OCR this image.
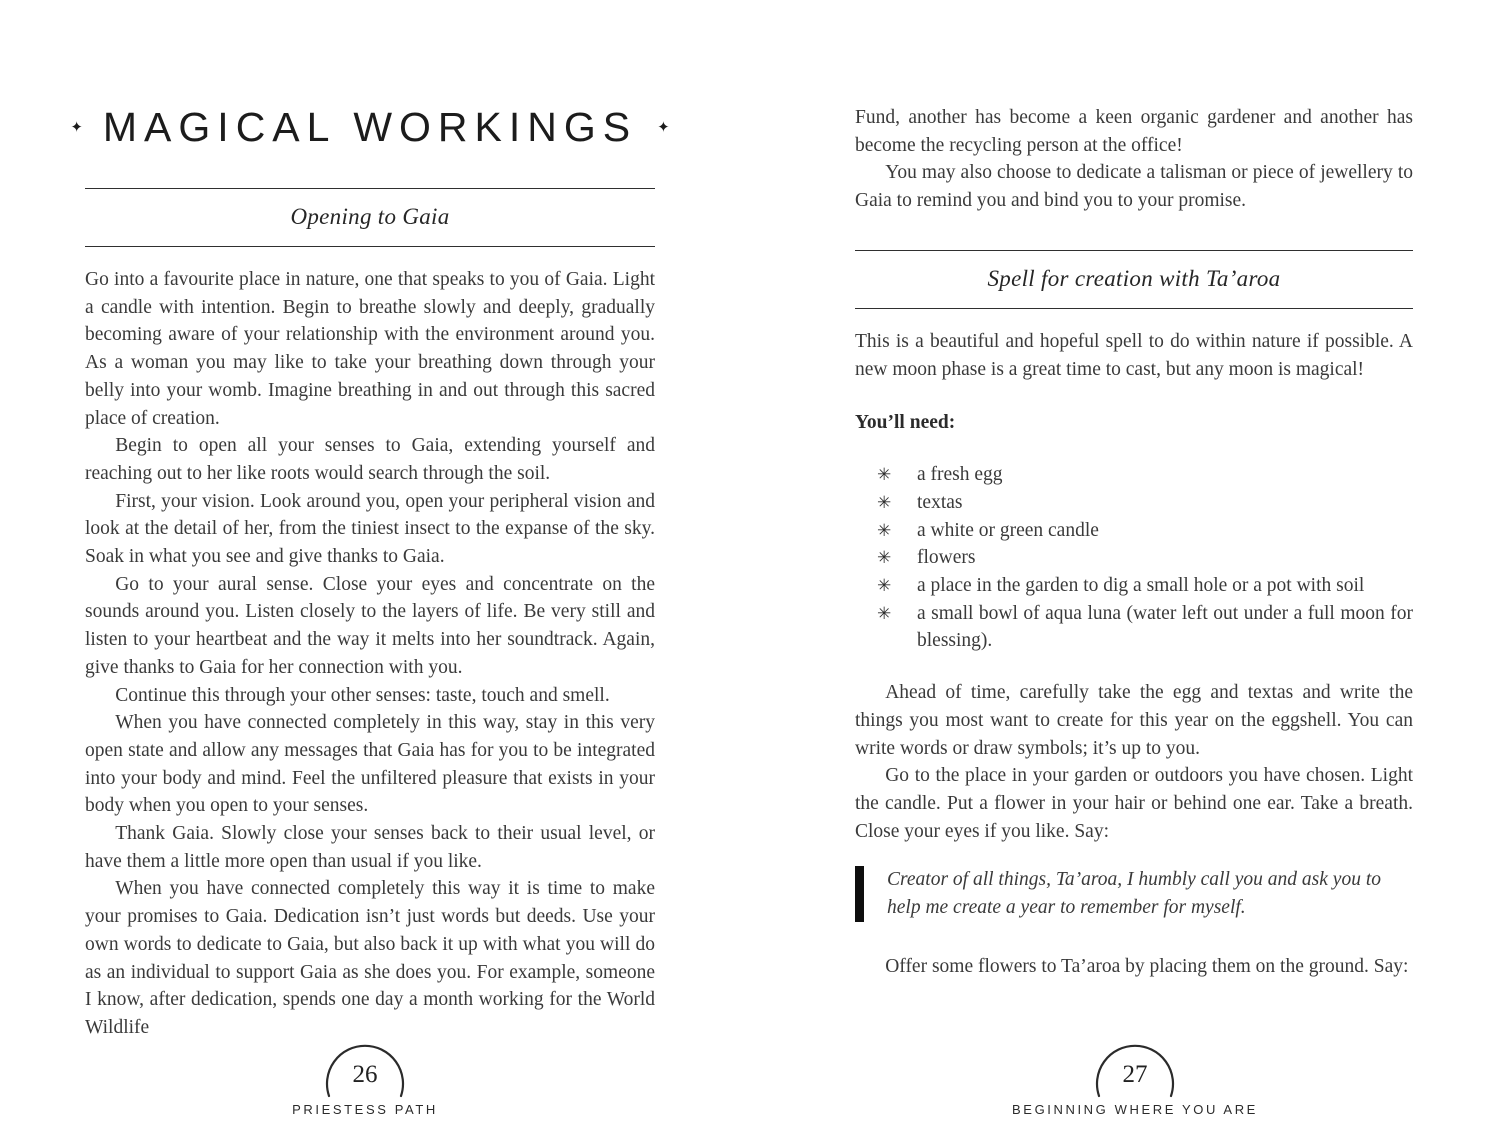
✦ MAGICAL WORKINGS ✦
Opening to Gaia

Go into a favourite place in nature, one that speaks to you of Gaia. Light a candle with intention. Begin to breathe slowly and deeply, gradually becoming aware of your relationship with the environment around you. As a woman you may like to take your breathing down through your belly into your womb. Imagine breathing in and out through this sacred place of creation.

Begin to open all your senses to Gaia, extending yourself and reaching out to her like roots would search through the soil.

First, your vision. Look around you, open your peripheral vision and look at the detail of her, from the tiniest insect to the expanse of the sky. Soak in what you see and give thanks to Gaia.

Go to your aural sense. Close your eyes and concentrate on the sounds around you. Listen closely to the layers of life. Be very still and listen to your heartbeat and the way it melts into her soundtrack. Again, give thanks to Gaia for her connection with you.

Continue this through your other senses: taste, touch and smell.

When you have connected completely in this way, stay in this very open state and allow any messages that Gaia has for you to be integrated into your body and mind. Feel the unfiltered pleasure that exists in your body when you open to your senses.

Thank Gaia. Slowly close your senses back to their usual level, or have them a little more open than usual if you like.

When you have connected completely this way it is time to make your promises to Gaia. Dedication isn’t just words but deeds. Use your own words to dedicate to Gaia, but also back it up with what you will do as an individual to support Gaia as she does you. For example, someone I know, after dedication, spends one day a month working for the World Wildlife

Fund, another has become a keen organic gardener and another has become the recycling person at the office!

You may also choose to dedicate a talisman or piece of jewellery to Gaia to remind you and bind you to your promise.

Spell for creation with Ta’aroa

This is a beautiful and hopeful spell to do within nature if possible. A new moon phase is a great time to cast, but any moon is magical!

You’ll need:

✳	a fresh egg
✳	textas
✳	a white or green candle
✳	flowers
✳	a place in the garden to dig a small hole or a pot with soil
✳	a small bowl of aqua luna (water left out under a full moon for blessing).

Ahead of time, carefully take the egg and textas and write the things you most want to create for this year on the eggshell. You can write words or draw symbols; it’s up to you.

Go to the place in your garden or outdoors you have chosen. Light the candle. Put a flower in your hair or behind one ear. Take a breath. Close your eyes if you like. Say:

Creator of all things, Ta’aroa, I humbly call you and ask you to help me create a year to remember for myself.

Offer some flowers to Ta’aroa by placing them on the ground. Say:

26
PRIESTESS PATH
27
BEGINNING WHERE YOU ARE
